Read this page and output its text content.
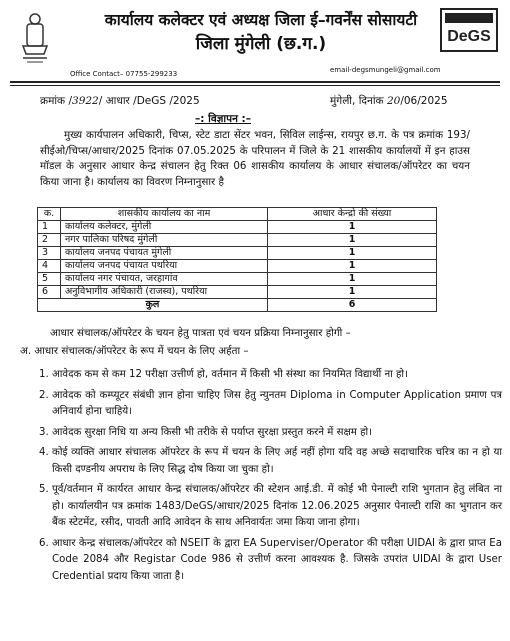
DeGS
कार्यालय कलेक्टर एवं अध्यक्ष जिला ई–गवर्नेंस सोसायटी
जिला मुंगेली (छ.ग.)
Office Contact– 07755-299233	email-degsmungeli@gmail.com
क्रमांक /3922/ आधार /DeGS /2025	मुंगेली, दिनांक 20/06/2025
–: विज्ञापन :–
मुख्य कार्यपालन अधिकारी, चिप्स, स्टेट डाटा सेंटर भवन, सिविल लाईन्स, रायपुर छ.ग. के पत्र क्रमांक 193/सीईओ/चिप्स/आधार/2025 दिनांक 07.05.2025 के परिपालन में जिले के 21 शासकीय कार्यालयों में इन हाउस मॉडल के अनुसार आधार केन्द्र संचालन हेतु रिक्त 06 शासकीय कार्यालय के आधार संचालक/ऑपरेटर का चयन किया जाना है। कार्यालय का विवरण निम्नानुसार है
क.	शासकीय कार्यालय का नाम	आधार केन्द्रो की संख्या
1	कार्यालय कलेक्टर, मुंगेली	1
2	नगर पालिका परिषद मुंगेली	1
3	कार्यालय जनपद पंचायत मुंगेली	1
4	कार्यालय जनपद पंचायत पथरिया	1
5	कार्यालय नगर पंचायत, जरहागांव	1
6	अनुविभागीय अधिकारी (राजस्व), पथरिया	1
कुल		6
आधार संचालक/ऑपरेटर के चयन हेतु पात्रता एवं चयन प्रक्रिया निम्नानुसार होगी –
अ. आधार संचालक/ऑपरेटर के रूप में चयन के लिए अर्हता –
1. आवेदक कम से कम 12 परीक्षा उत्तीर्ण हो, वर्तमान में किसी भी संस्था का नियमित विद्यार्थी ना हो।
2. आवेदक को कम्प्यूटर संबंधी ज्ञान होना चाहिए जिस हेतु न्युनतम Diploma in Computer Application प्रमाण पत्र अनिवार्य होना चाहिये।
3. आवेदक सुरक्षा निधि या अन्य किसी भी तरीके से पर्याप्त सुरक्षा प्रस्तुत करने में सक्षम हो।
4. कोई व्यक्ति आधार संचालक ऑपरेटर के रूप में चयन के लिए अर्ह नहीं होगा यदि वह अच्छे सदाचारिक चरित्र का न हो या किसी दण्डनीय अपराध के लिए सिद्ध दोष किया जा चुका हो।
5. पूर्व/वर्तमान में कार्यरत आधार केन्द्र संचालक/ऑपरेटर की स्टेशन आई.डी. में कोई भी पेनाल्टी राशि भुगतान हेतु लंबित ना हो। कार्यालयीन पत्र क्रमांक 1483/DeGS/आधार/2025 दिनांक 12.06.2025 अनुसार पेनाल्टी राशि का भुगतान कर बैंक स्टेटमेंट, रसीद, पावती आदि आवेदन के साथ अनिवार्यतः जमा किया जाना होगा।
6. आधार केन्द्र संचालक/ऑपरेटर को NSEIT के द्वारा EA Superviser/Operator की परीक्षा UIDAI के द्वारा प्राप्त Ea Code 2084 और Registar Code 986 से उत्तीर्ण करना आवश्यक है. जिसके उपरांत UIDAI के द्वारा User Credential प्रदाय किया जाता है।
